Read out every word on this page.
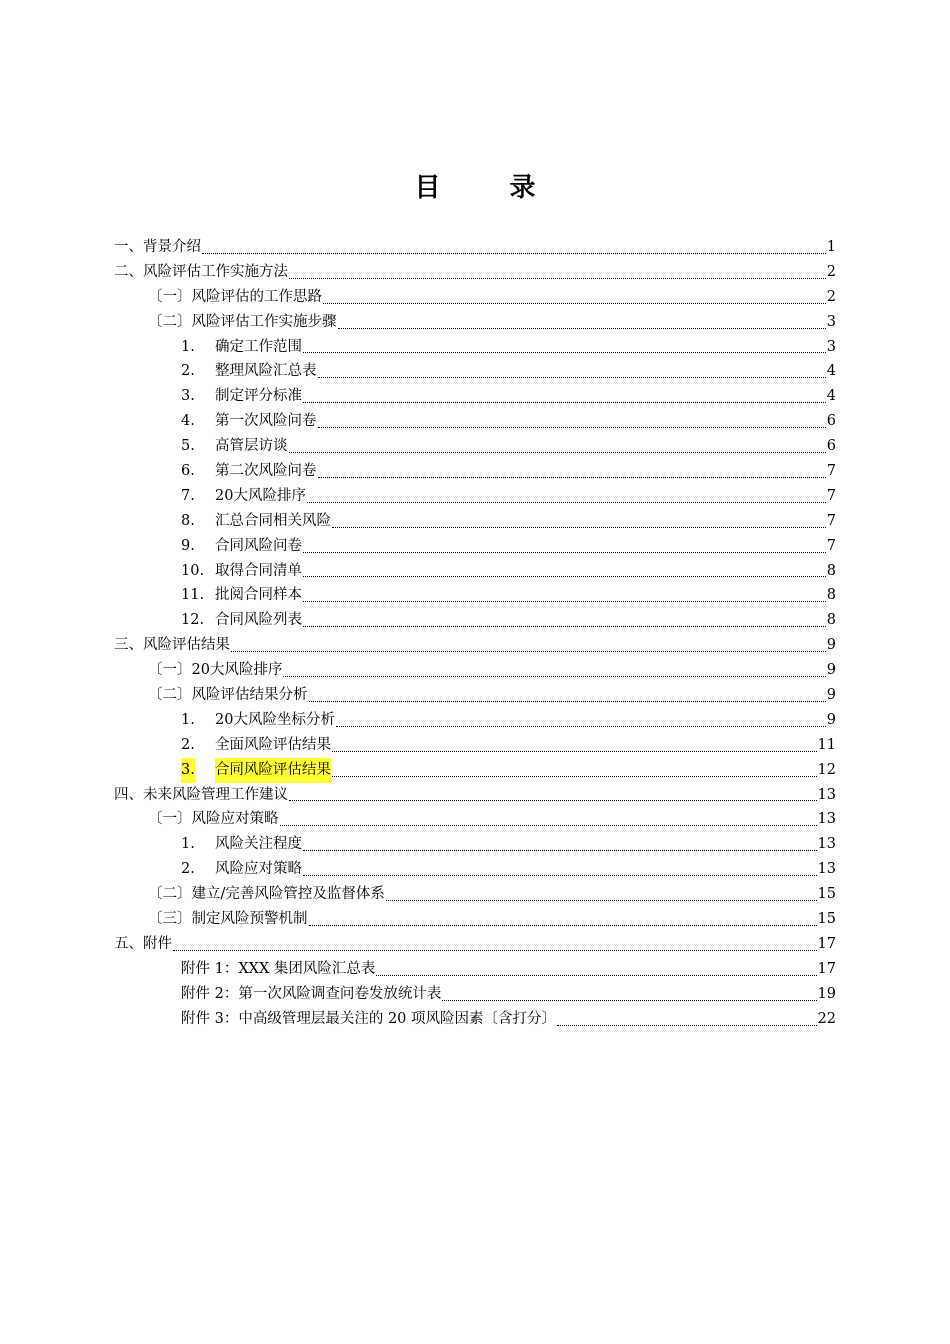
目 录
一、背景介绍	1
二、风险评估工作实施方法	2
〔一〕风险评估的工作思路	2
〔二〕风险评估工作实施步骤	3
1.	确定工作范围	3
2.	整理风险汇总表	4
3.	制定评分标准	4
4.	第一次风险问卷	6
5.	高管层访谈	6
6.	第二次风险问卷	7
7.	20大风险排序	7
8.	汇总合同相关风险	7
9.	合同风险问卷	7
10. 取得合同清单	8
11. 批阅合同样本	8
12. 合同风险列表	8
三、风险评估结果	9
〔一〕20大风险排序	9
〔二〕风险评估结果分析	9
1.	20大风险坐标分析	9
2.	全面风险评估结果	11
3. 合同风险评估结果	12
四、未来风险管理工作建议	13
〔一〕风险应对策略	13
1.	风险关注程度	13
2.	风险应对策略	13
〔二〕建立/完善风险管控及监督体系	15
〔三〕制定风险预警机制	15
五、附件	17
附件 1：XXX 集团风险汇总表	17
附件 2：第一次风险调查问卷发放统计表	19
附件 3：中高级管理层最关注的 20 项风险因素〔含打分〕	22
